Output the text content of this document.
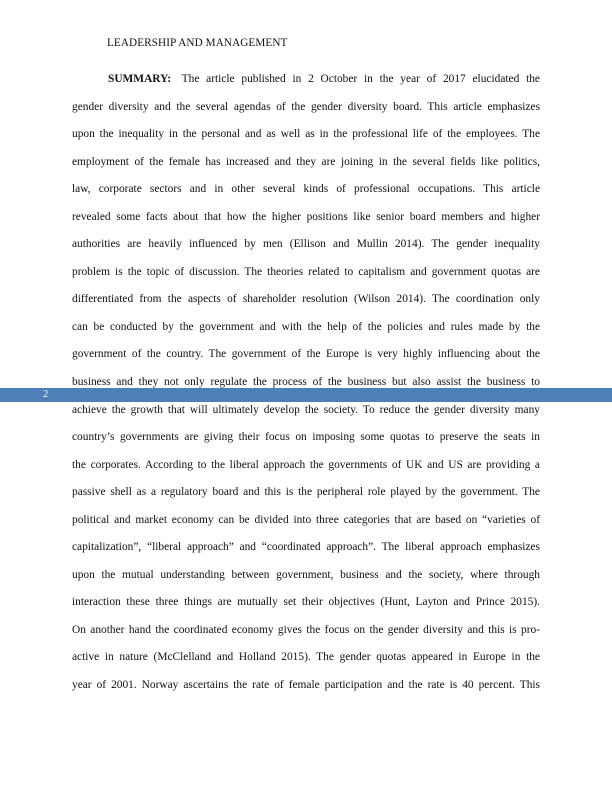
LEADERSHIP AND MANAGEMENT
SUMMARY: The article published in 2 October in the year of 2017 elucidated the
gender diversity and the several agendas of the gender diversity board. This article emphasizes
upon the inequality in the personal and as well as in the professional life of the employees. The
employment of the female has increased and they are joining in the several fields like politics,
law, corporate sectors and in other several kinds of professional occupations. This article
revealed some facts about that how the higher positions like senior board members and higher
authorities are heavily influenced by men (Ellison and Mullin 2014). The gender inequality
problem is the topic of discussion. The theories related to capitalism and government quotas are
differentiated from the aspects of shareholder resolution (Wilson 2014). The coordination only
can be conducted by the government and with the help of the policies and rules made by the
government of the country. The government of the Europe is very highly influencing about the
business and they not only regulate the process of the business but also assist the business to
achieve the growth that will ultimately develop the society. To reduce the gender diversity many
country’s governments are giving their focus on imposing some quotas to preserve the seats in
the corporates. According to the liberal approach the governments of UK and US are providing a
passive shell as a regulatory board and this is the peripheral role played by the government. The
political and market economy can be divided into three categories that are based on “varieties of
capitalization”, “liberal approach” and “coordinated approach”. The liberal approach emphasizes
upon the mutual understanding between government, business and the society, where through
interaction these three things are mutually set their objectives (Hunt, Layton and Prince 2015).
On another hand the coordinated economy gives the focus on the gender diversity and this is pro-
active in nature (McClelland and Holland 2015). The gender quotas appeared in Europe in the
year of 2001. Norway ascertains the rate of female participation and the rate is 40 percent. This
2
